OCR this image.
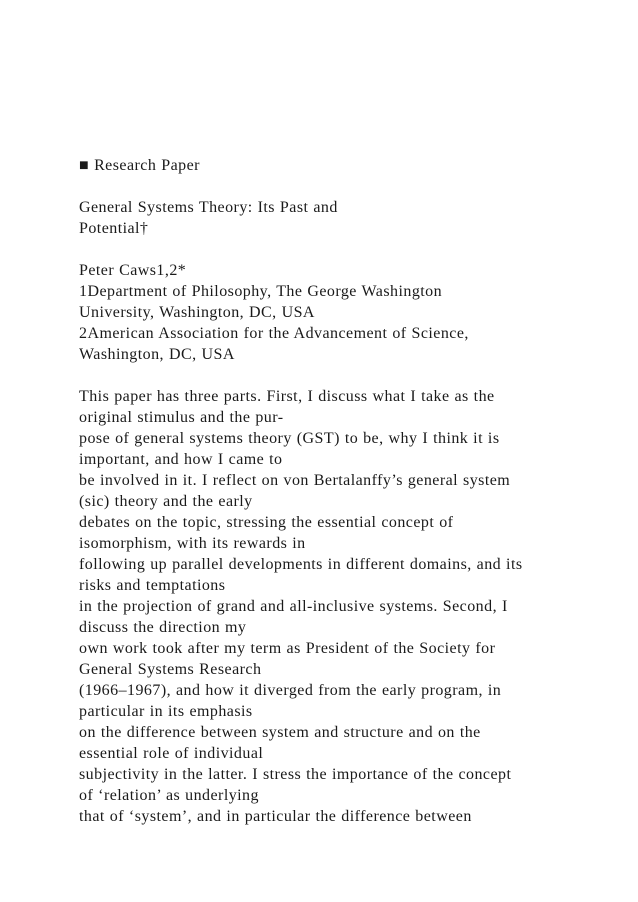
■ Research Paper
General Systems Theory: Its Past and
Potential†
Peter Caws1,2*
1Department of Philosophy, The George Washington
University, Washington, DC, USA
2American Association for the Advancement of Science,
Washington, DC, USA
This paper has three parts. First, I discuss what I take as the
original stimulus and the pur-
pose of general systems theory (GST) to be, why I think it is
important, and how I came to
be involved in it. I reflect on von Bertalanffy’s general system
(sic) theory and the early
debates on the topic, stressing the essential concept of
isomorphism, with its rewards in
following up parallel developments in different domains, and its
risks and temptations
in the projection of grand and all-inclusive systems. Second, I
discuss the direction my
own work took after my term as President of the Society for
General Systems Research
(1966–1967), and how it diverged from the early program, in
particular in its emphasis
on the difference between system and structure and on the
essential role of individual
subjectivity in the latter. I stress the importance of the concept
of ‘relation’ as underlying
that of ‘system’, and in particular the difference between
